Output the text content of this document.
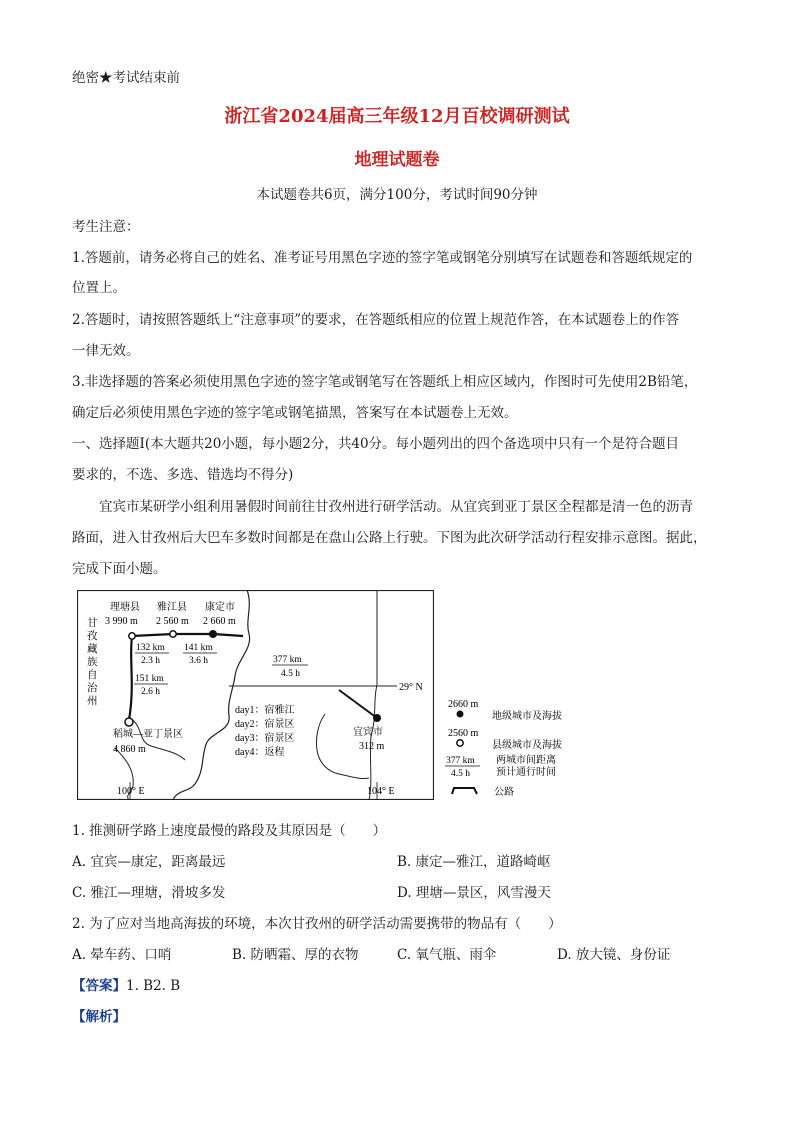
绝密★考试结束前
浙江省2024届高三年级12月百校调研测试
地理试题卷
本试题卷共6页，满分100分，考试时间90分钟
考生注意：
1.答题前，请务必将自己的姓名、准考证号用黑色字迹的签字笔或钢笔分别填写在试题卷和答题纸规定的
位置上。
2.答题时，请按照答题纸上“注意事项”的要求，在答题纸相应的位置上规范作答，在本试题卷上的作答
一律无效。
3.非选择题的答案必须使用黑色字迹的签字笔或钢笔写在答题纸上相应区域内，作图时可先使用2B铅笔，
确定后必须使用黑色字迹的签字笔或钢笔描黑，答案写在本试题卷上无效。
一、选择题Ⅰ(本大题共20小题，每小题2分，共40分。每小题列出的四个备选项中只有一个是符合题目
要求的，不选、多选、错选均不得分)
宜宾市某研学小组利用暑假时间前往甘孜州进行研学活动。从宜宾到亚丁景区全程都是清一色的沥青
路面，进入甘孜州后大巴车多数时间都是在盘山公路上行驶。下图为此次研学活动行程安排示意图。据此，
完成下面小题。
理塘县
3 990 m
雅江县
2 560 m
康定市
2 660 m
稻城—亚丁景区
4 860 m
宜宾市
312 m
甘
孜
藏
族
自
治
州
132 km
2.3 h
141 km
3.6 h
151 km
2.6 h
377 km
4.5 h
day1：宿雅江
day2：宿景区
day3：宿景区
day4：返程
29° N
100° E	104° E
2660 m
地级城市及海拔
2560 m
县级城市及海拔
377 km
4.5 h
两城市间距离
预计通行时间
公路
1. 推测研学路上速度最慢的路段及其原因是（　　）
A. 宜宾—康定，距离最远	B. 康定—雅江，道路崎岖
C. 雅江—理塘，滑坡多发	D. 理塘—景区，风雪漫天
2. 为了应对当地高海拔的环境，本次甘孜州的研学活动需要携带的物品有（　　）
A. 晕车药、口哨	B. 防晒霜、厚的衣物	C. 氧气瓶、雨伞	D. 放大镜、身份证
【答案】1. B2. B
【解析】
